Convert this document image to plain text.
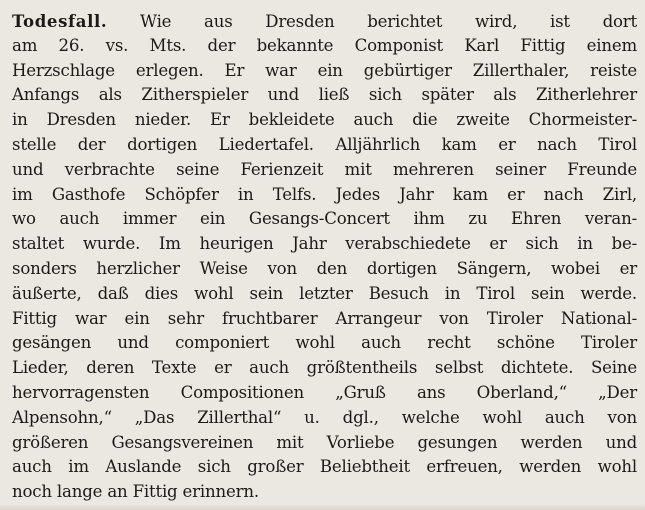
Todesfall. Wie aus Dresden berichtet wird, ist dort
am 26. vs. Mts. der bekannte Componist Karl Fittig einem
Herzschlage erlegen. Er war ein gebürtiger Zillerthaler, reiste
Anfangs als Zitherspieler und ließ sich später als Zitherlehrer
in Dresden nieder. Er bekleidete auch die zweite Chormeister-
stelle der dortigen Liedertafel. Alljährlich kam er nach Tirol
und verbrachte seine Ferienzeit mit mehreren seiner Freunde
im Gasthofe Schöpfer in Telfs. Jedes Jahr kam er nach Zirl,
wo auch immer ein Gesangs-Concert ihm zu Ehren veran-
staltet wurde. Im heurigen Jahr verabschiedete er sich in be-
sonders herzlicher Weise von den dortigen Sängern, wobei er
äußerte, daß dies wohl sein letzter Besuch in Tirol sein werde.
Fittig war ein sehr fruchtbarer Arrangeur von Tiroler National-
gesängen und componiert wohl auch recht schöne Tiroler
Lieder, deren Texte er auch größtentheils selbst dichtete. Seine
hervorragensten Compositionen „Gruß ans Oberland,“ „Der
Alpensohn,“ „Das Zillerthal“ u. dgl., welche wohl auch von
größeren Gesangsvereinen mit Vorliebe gesungen werden und
auch im Auslande sich großer Beliebtheit erfreuen, werden wohl
noch lange an Fittig erinnern.
